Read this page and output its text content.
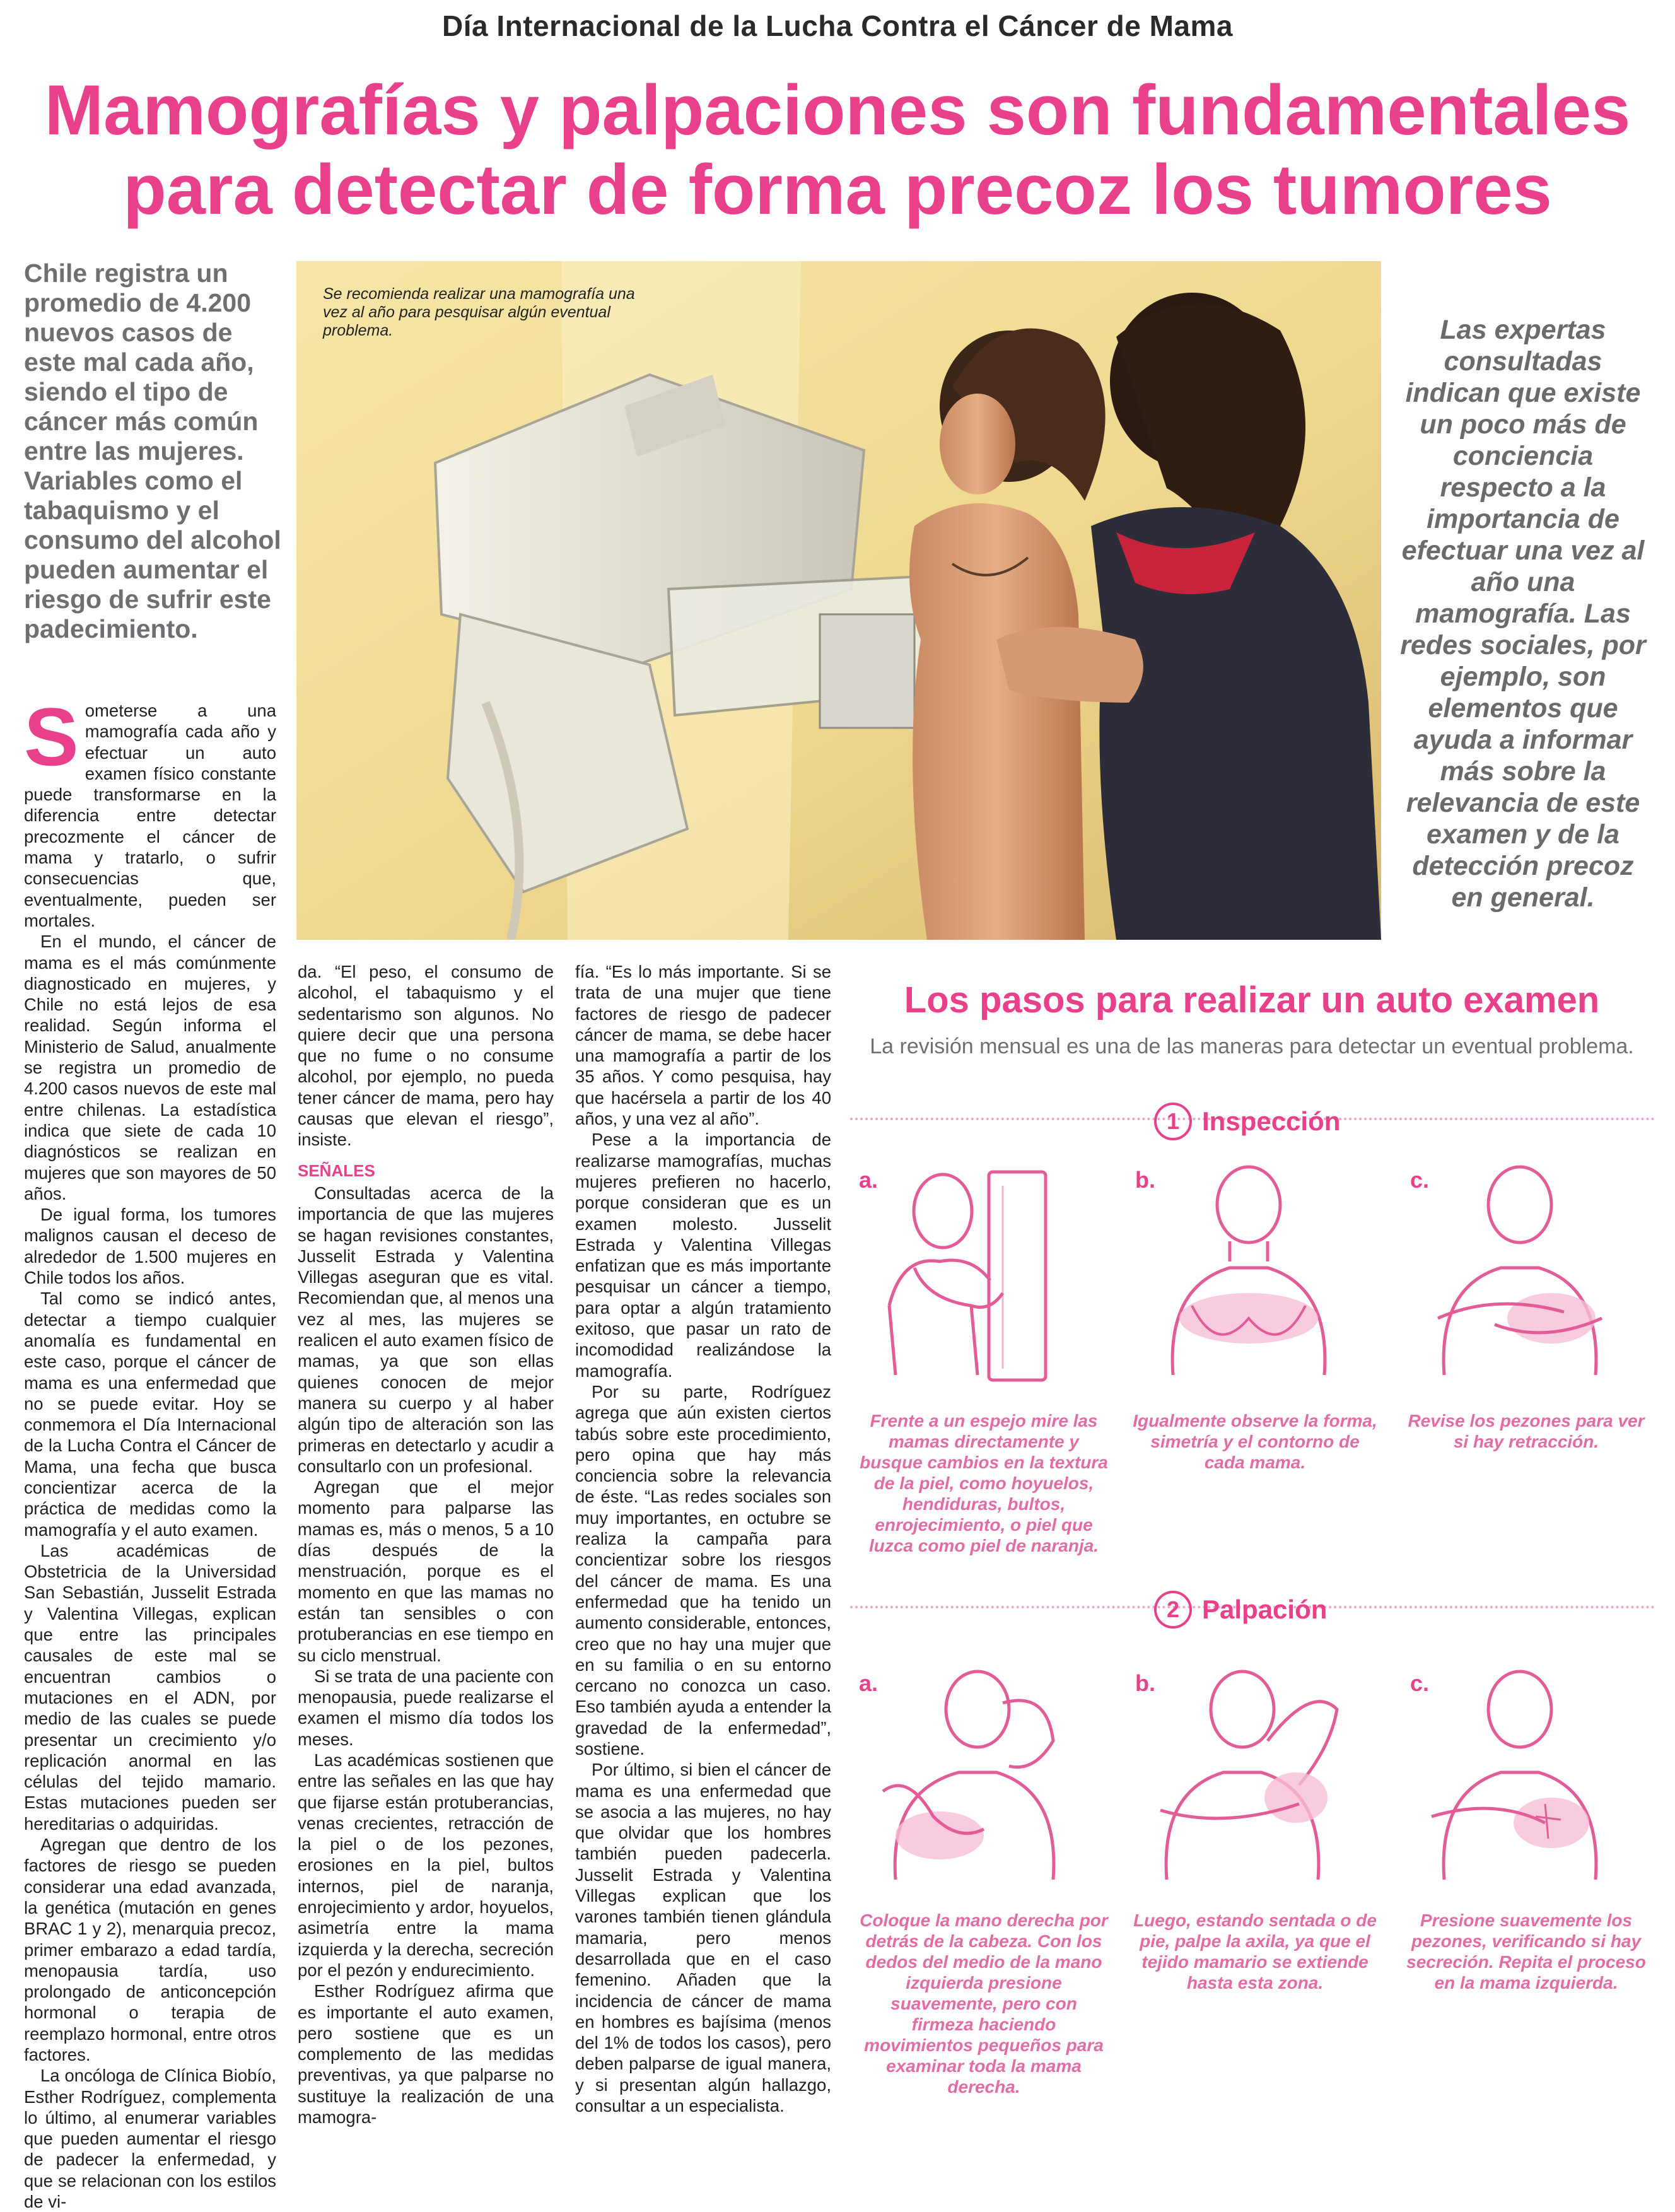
Día Internacional de la Lucha Contra el Cáncer de Mama
Mamografías y palpaciones son fundamentales
para detectar de forma precoz los tumores
Chile registra un promedio de 4.200 nuevos casos de este mal cada año, siendo el tipo de cáncer más común entre las mujeres. Variables como el tabaquismo y el consumo del alcohol pueden aumentar el riesgo de sufrir este padecimiento.
Se recomienda realizar una mamografía una vez al año para pesquisar algún eventual problema.	Las expertas consultadas indican que existe un poco más de conciencia respecto a la importancia de efectuar una vez al año una mamografía. Las redes sociales, por ejemplo, son elementos que ayuda a informar más sobre la relevancia de este examen y de la detección precoz en general.

Someterse a una mamografía cada año y efectuar un auto examen físico constante puede transformarse en la diferencia entre detectar precozmente el cáncer de mama y tratarlo, o sufrir consecuencias que, eventualmente, pueden ser mortales.

En el mundo, el cáncer de mama es el más comúnmente diagnosticado en mujeres, y Chile no está lejos de esa realidad. Según informa el Ministerio de Salud, anualmente se registra un promedio de 4.200 casos nuevos de este mal entre chilenas. La estadística indica que siete de cada 10 diagnósticos se realizan en mujeres que son mayores de 50 años.

De igual forma, los tumores malignos causan el deceso de alrededor de 1.500 mujeres en Chile todos los años.

Tal como se indicó antes, detectar a tiempo cualquier anomalía es fundamental en este caso, porque el cáncer de mama es una enfermedad que no se puede evitar. Hoy se conmemora el Día Internacional de la Lucha Contra el Cáncer de Mama, una fecha que busca concientizar acerca de la práctica de medidas como la mamografía y el auto examen.

Las académicas de Obstetricia de la Universidad San Sebastián, Jusselit Estrada y Valentina Villegas, explican que entre las principales causales de este mal se encuentran cambios o mutaciones en el ADN, por medio de las cuales se puede presentar un crecimiento y/o replicación anormal en las células del tejido mamario. Estas mutaciones pueden ser hereditarias o adquiridas.

Agregan que dentro de los factores de riesgo se pueden considerar una edad avanzada, la genética (mutación en genes BRAC 1 y 2), menarquia precoz, primer embarazo a edad tardía, menopausia tardía, uso prolongado de anticoncepción hormonal o terapia de reemplazo hormonal, entre otros factores.

La oncóloga de Clínica Biobío, Esther Rodríguez, complementa lo último, al enumerar variables que pueden aumentar el riesgo de padecer la enfermedad, y que se relacionan con los estilos de vi-

da. “El peso, el consumo de alcohol, el tabaquismo y el sedentarismo son algunos. No quiere decir que una persona que no fume o no consume alcohol, por ejemplo, no pueda tener cáncer de mama, pero hay causas que elevan el riesgo”, insiste.

SEÑALES

Consultadas acerca de la importancia de que las mujeres se hagan revisiones constantes, Jusselit Estrada y Valentina Villegas aseguran que es vital. Recomiendan que, al menos una vez al mes, las mujeres se realicen el auto examen físico de mamas, ya que son ellas quienes conocen de mejor manera su cuerpo y al haber algún tipo de alteración son las primeras en detectarlo y acudir a consultarlo con un profesional.

Agregan que el mejor momento para palparse las mamas es, más o menos, 5 a 10 días después de la menstruación, porque es el momento en que las mamas no están tan sensibles o con protuberancias en ese tiempo en su ciclo menstrual.

Si se trata de una paciente con menopausia, puede realizarse el examen el mismo día todos los meses.

Las académicas sostienen que entre las señales en las que hay que fijarse están protuberancias, venas crecientes, retracción de la piel o de los pezones, erosiones en la piel, bultos internos, piel de naranja, enrojecimiento y ardor, hoyuelos, asimetría entre la mama izquierda y la derecha, secreción por el pezón y endurecimiento.

Esther Rodríguez afirma que es importante el auto examen, pero sostiene que es un complemento de las medidas preventivas, ya que palparse no sustituye la realización de una mamogra-

fía. “Es lo más importante. Si se trata de una mujer que tiene factores de riesgo de padecer cáncer de mama, se debe hacer una mamografía a partir de los 35 años. Y como pesquisa, hay que hacérsela a partir de los 40 años, y una vez al año”.

Pese a la importancia de realizarse mamografías, muchas mujeres prefieren no hacerlo, porque consideran que es un examen molesto. Jusselit Estrada y Valentina Villegas enfatizan que es más importante pesquisar un cáncer a tiempo, para optar a algún tratamiento exitoso, que pasar un rato de incomodidad realizándose la mamografía.

Por su parte, Rodríguez agrega que aún existen ciertos tabús sobre este procedimiento, pero opina que hay más conciencia sobre la relevancia de éste. “Las redes sociales son muy importantes, en octubre se realiza la campaña para concientizar sobre los riesgos del cáncer de mama. Es una enfermedad que ha tenido un aumento considerable, entonces, creo que no hay una mujer que en su familia o en su entorno cercano no conozca un caso. Eso también ayuda a entender la gravedad de la enfermedad”, sostiene.

Por último, si bien el cáncer de mama es una enfermedad que se asocia a las mujeres, no hay que olvidar que los hombres también pueden padecerla. Jusselit Estrada y Valentina Villegas explican que los varones también tienen glándula mamaria, pero menos desarrollada que en el caso femenino. Añaden que la incidencia de cáncer de mama en hombres es bajísima (menos del 1% de todos los casos), pero deben palparse de igual manera, y si presentan algún hallazgo, consultar a un especialista.

Los pasos para realizar un auto examen
La revisión mensual es una de las maneras para detectar un eventual problema.
1 Inspección
2 Palpación
a.	b.	c.
Frente a un espejo mire las mamas directamente y busque cambios en la textura de la piel, como hoyuelos, hendiduras, bultos, enrojecimiento, o piel que luzca como piel de naranja.
Igualmente observe la forma, simetría y el contorno de cada mama.
Revise los pezones para ver si hay retracción.
a.	b.	c.
Coloque la mano derecha por detrás de la cabeza. Con los dedos del medio de la mano izquierda presione suavemente, pero con firmeza haciendo movimientos pequeños para examinar toda la mama derecha.
Luego, estando sentada o de pie, palpe la axila, ya que el tejido mamario se extiende hasta esta zona.
Presione suavemente los pezones, verificando si hay secreción. Repita el proceso en la mama izquierda.
